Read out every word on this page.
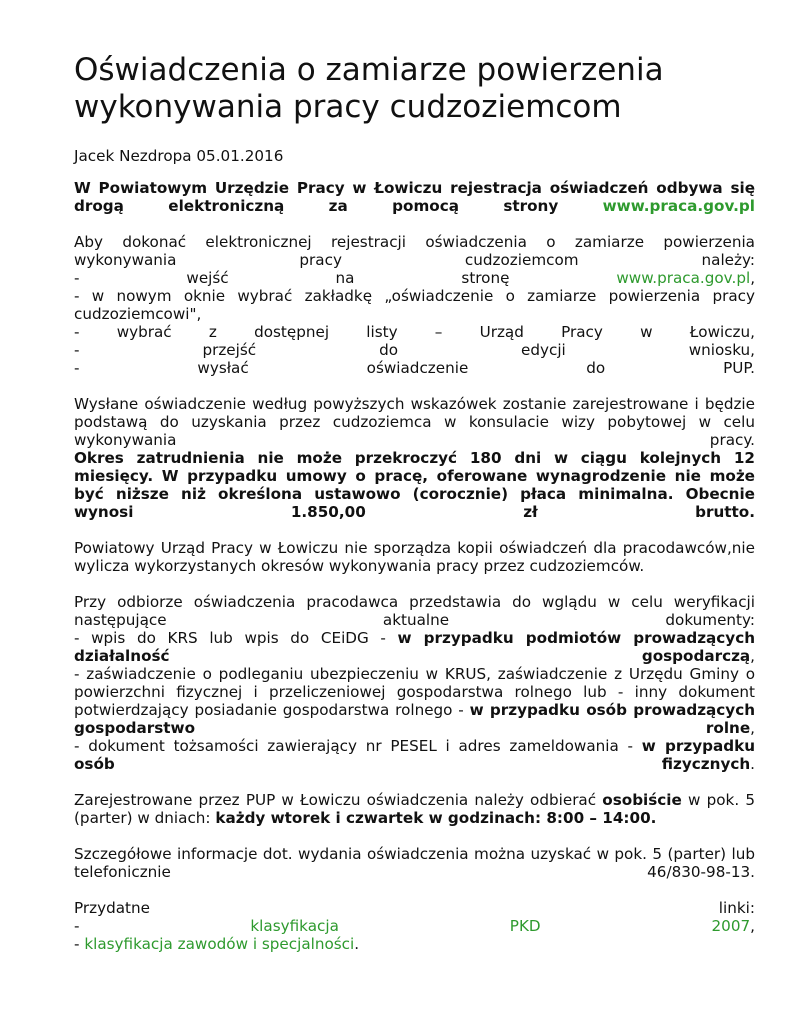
Oświadczenia o zamiarze powierzenia wykonywania pracy cudzoziemcom
Jacek Nezdropa 05.01.2016

W Powiatowym Urzędzie Pracy w Łowiczu rejestracja oświadczeń odbywa się drogą elektroniczną za pomocą strony	www.praca.gov.pl

Aby dokonać elektronicznej rejestracji oświadczenia o zamiarze powierzenia wykonywania pracy cudzoziemcom należy:

- wejść na stronę	www.praca.gov.pl,

- w nowym oknie wybrać zakładkę „oświadczenie o zamiarze powierzenia pracy cudzoziemcowi",

- wybrać z dostępnej listy – Urząd Pracy w Łowiczu,

- przejść do edycji wniosku,

- wysłać oświadczenie do PUP.

Wysłane oświadczenie według powyższych wskazówek zostanie zarejestrowane i będzie podstawą do uzyskania przez cudzoziemca w konsulacie wizy pobytowej w celu wykonywania pracy.

Okres zatrudnienia nie może przekroczyć 180 dni w ciągu kolejnych 12 miesięcy. W przypadku umowy o pracę, oferowane wynagrodzenie nie może być niższe niż określona ustawowo (corocznie) płaca minimalna. Obecnie wynosi 1.850,00 zł brutto.

Powiatowy Urząd Pracy w Łowiczu nie sporządza kopii oświadczeń dla pracodawców,nie wylicza wykorzystanych okresów wykonywania pracy przez cudzoziemców.

Przy odbiorze oświadczenia pracodawca przedstawia do wglądu w celu weryfikacji następujące aktualne dokumenty:

- wpis do KRS lub wpis do CEiDG - w przypadku podmiotów prowadzących działalność gospodarczą,

- zaświadczenie o podleganiu ubezpieczeniu w KRUS, zaświadczenie z Urzędu Gminy o powierzchni fizycznej i przeliczeniowej gospodarstwa rolnego lub - inny dokument potwierdzający posiadanie gospodarstwa rolnego - w przypadku osób prowadzących gospodarstwo rolne,

- dokument tożsamości zawierający nr PESEL i adres zameldowania - w przypadku osób fizycznych.

Zarejestrowane przez PUP w Łowiczu oświadczenia należy odbierać osobiście w pok. 5 (parter) w dniach: każdy wtorek i czwartek w godzinach: 8:00 – 14:00.

Szczegółowe informacje dot. wydania oświadczenia można uzyskać w pok. 5 (parter) lub telefonicznie 46/830-98-13.

Przydatne linki:

-	klasyfikacja PKD 2007,

- klasyfikacja zawodów i specjalności.
